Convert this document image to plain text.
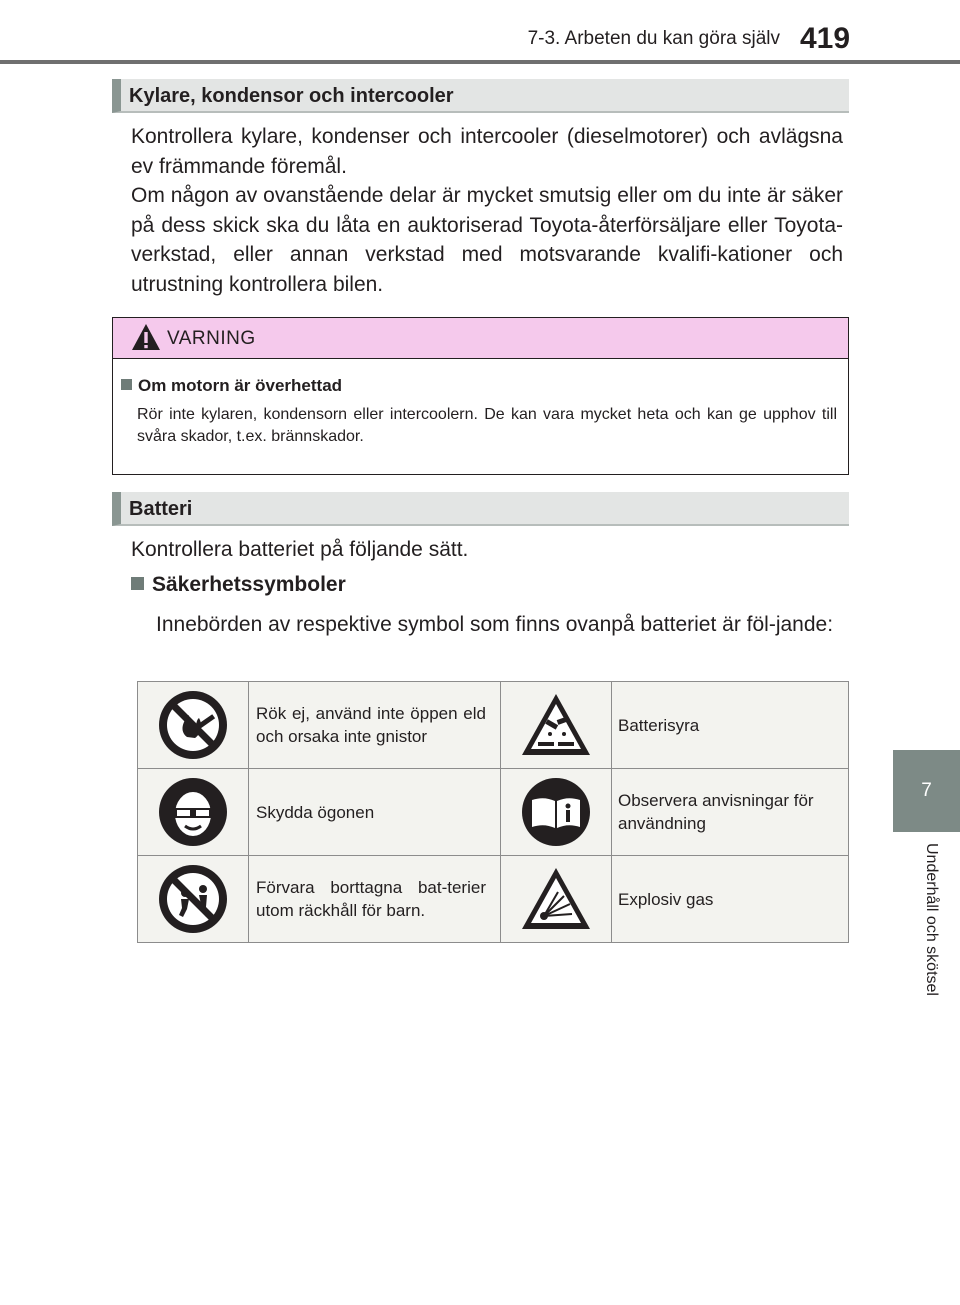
7-3. Arbeten du kan göra själv 419
7
Underhåll och skötsel
Kylare, kondensor och intercooler

Kontrollera kylare, kondenser och intercooler (dieselmotorer) och avlägsna ev främmande föremål.

Om någon av ovanstående delar är mycket smutsig eller om du inte är säker på dess skick ska du låta en auktoriserad Toyota-återförsäljare eller Toyota-verkstad, eller annan verkstad med motsvarande kvalifi-kationer och utrustning kontrollera bilen.

VARNING
Om motorn är överhettad

Rör inte kylaren, kondensorn eller intercoolern. De kan vara mycket heta och kan ge upphov till svåra skador, t.ex. brännskador.

Batteri

Kontrollera batteriet på följande sätt.

Säkerhetssymboler

Innebörden av respektive symbol som finns ovanpå batteriet är föl-jande:

	Rök ej, använd inte öppen eld och orsaka inte gnistor		Batterisyra

	Skydda ögonen		Observera anvisningar för användning

	Förvara borttagna bat-terier utom räckhåll för barn.		Explosiv gas
